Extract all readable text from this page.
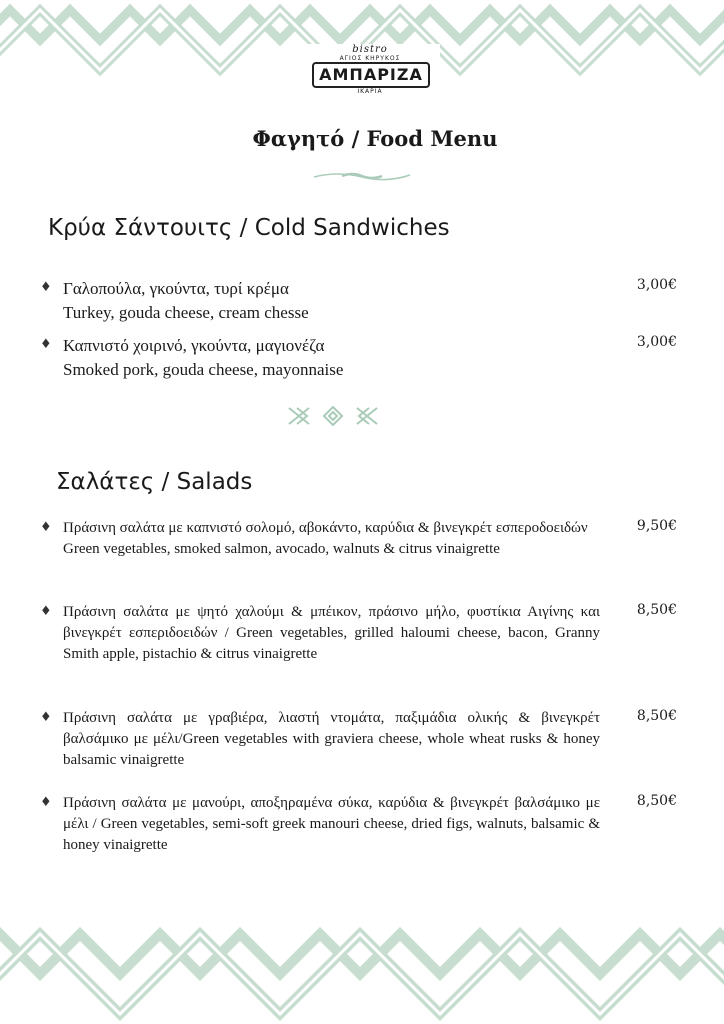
bistro
ΑΓΙΟΣ ΚΗΡΥΚΟΣ
ΑΜΠΑΡΙΖΑ
ΙΚΑΡΙΑ
Φαγητό / Food Menu
Κρύα Σάντουιτς / Cold Sandwiches
♦ Γαλοπούλα, γκούντα, τυρί κρέμα
Turkey, gouda cheese, cream chesse
3,00€
♦ Καπνιστό χοιρινό, γκούντα, μαγιονέζα
Smoked pork, gouda cheese, mayonnaise
3,00€
Σαλάτες / Salads
♦ Πράσινη σαλάτα με καπνιστό σολομό, αβοκάντο, καρύδια & βινεγκρέτ εσπεροδοειδών
Green vegetables, smoked salmon, avocado, walnuts & citrus vinaigrette
9,50€
♦ Πράσινη σαλάτα με ψητό χαλούμι & μπέικον, πράσινο μήλο, φυστίκια Αιγίνης και βινεγκρέτ εσπεριδοειδών / Green vegetables, grilled haloumi cheese, bacon, Granny Smith apple, pistachio & citrus vinaigrette
8,50€
♦ Πράσινη σαλάτα με γραβιέρα, λιαστή ντομάτα, παξιμάδια ολικής & βινεγκρέτ βαλσάμικο με μέλι/Green vegetables with graviera cheese, whole wheat rusks & honey balsamic vinaigrette
8,50€
♦ Πράσινη σαλάτα με μανούρι, αποξηραμένα σύκα, καρύδια & βινεγκρέτ βαλσάμικο με μέλι / Green vegetables, semi-soft greek manouri cheese, dried figs, walnuts, balsamic & honey vinaigrette
8,50€
